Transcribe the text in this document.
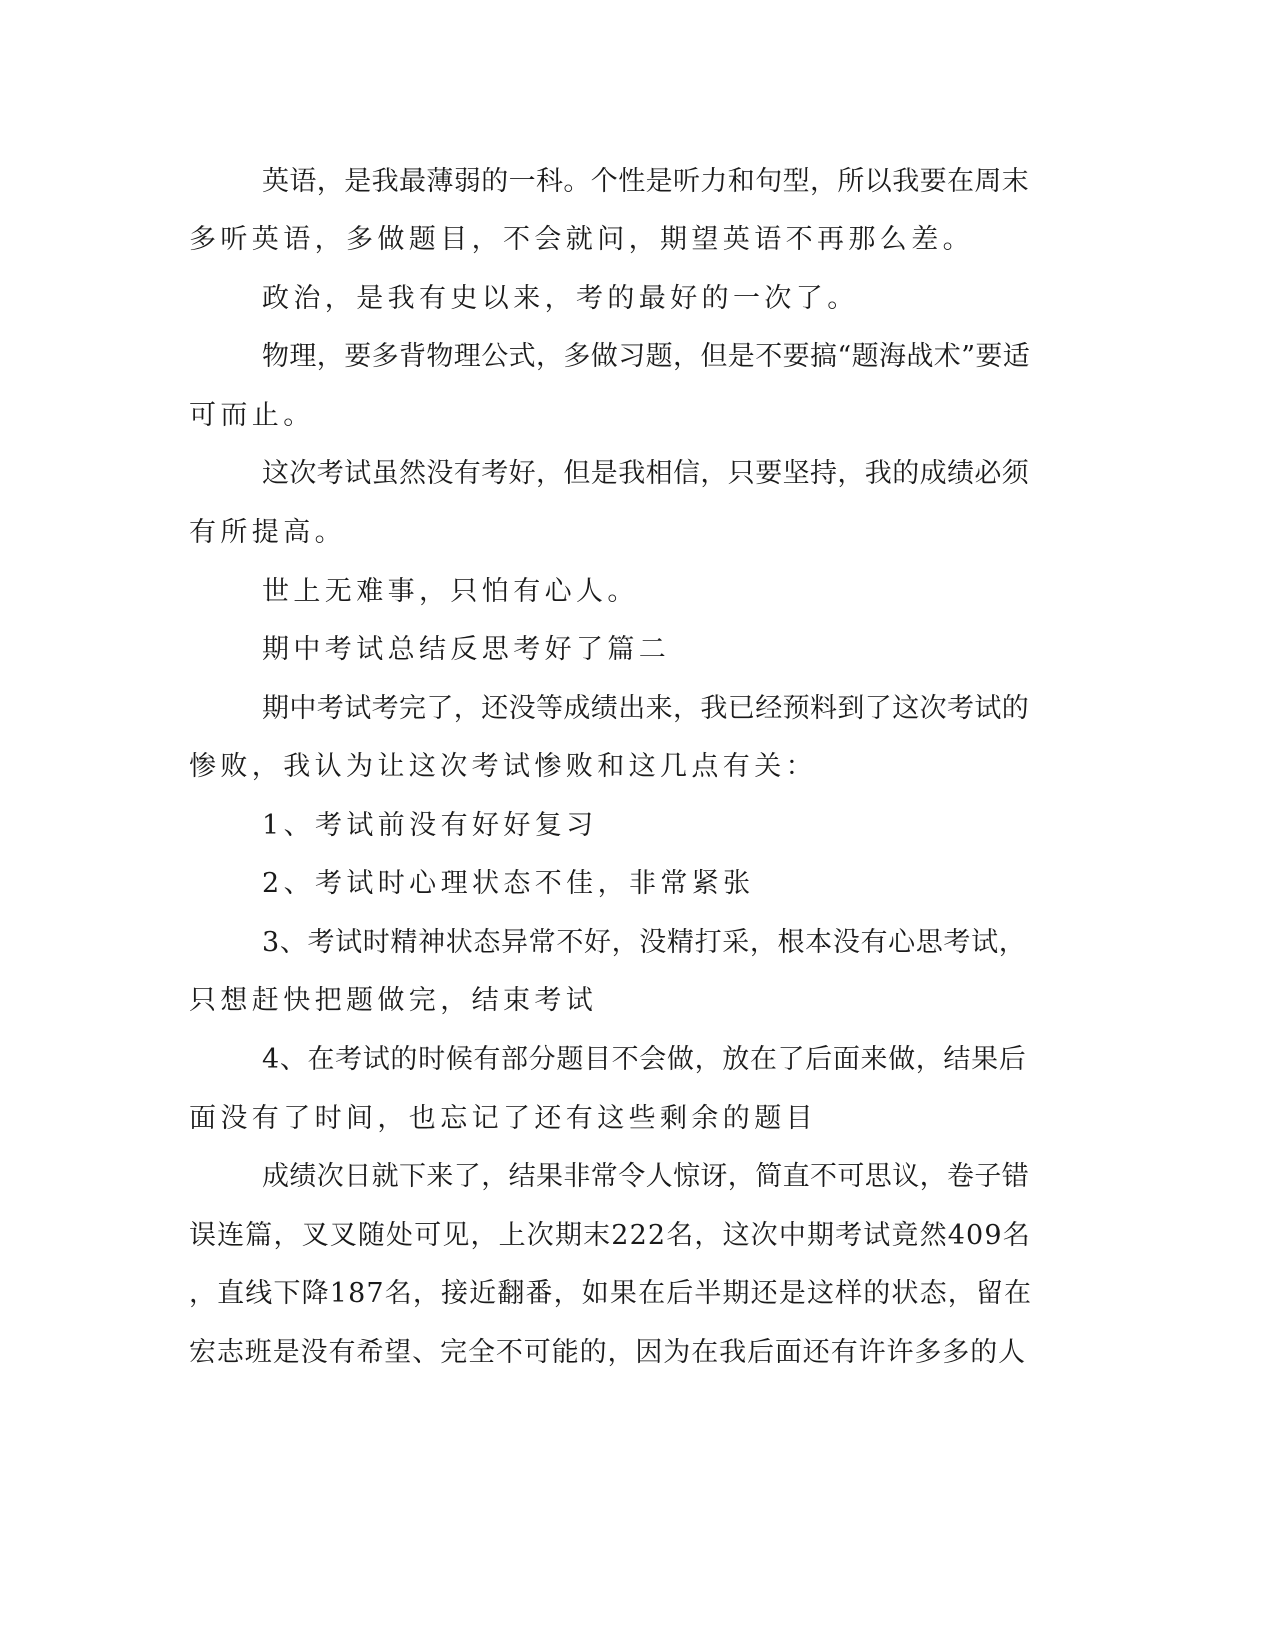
英语，是我最薄弱的一科。个性是听力和句型，所以我要在周末
多听英语，多做题目，不会就问，期望英语不再那么差。
政治，是我有史以来，考的最好的一次了。
物理，要多背物理公式，多做习题，但是不要搞“题海战术”要适
可而止。
这次考试虽然没有考好，但是我相信，只要坚持，我的成绩必须
有所提高。
世上无难事，只怕有心人。
期中考试总结反思考好了篇二
期中考试考完了，还没等成绩出来，我已经预料到了这次考试的
惨败，我认为让这次考试惨败和这几点有关：
1、考试前没有好好复习
2、考试时心理状态不佳，非常紧张
3、考试时精神状态异常不好，没精打采，根本没有心思考试，
只想赶快把题做完，结束考试
4、在考试的时候有部分题目不会做，放在了后面来做，结果后
面没有了时间，也忘记了还有这些剩余的题目
成绩次日就下来了，结果非常令人惊讶，简直不可思议，卷子错
误连篇，叉叉随处可见，上次期末222名，这次中期考试竟然409名
，直线下降187名，接近翻番，如果在后半期还是这样的状态，留在
宏志班是没有希望、完全不可能的，因为在我后面还有许许多多的人
